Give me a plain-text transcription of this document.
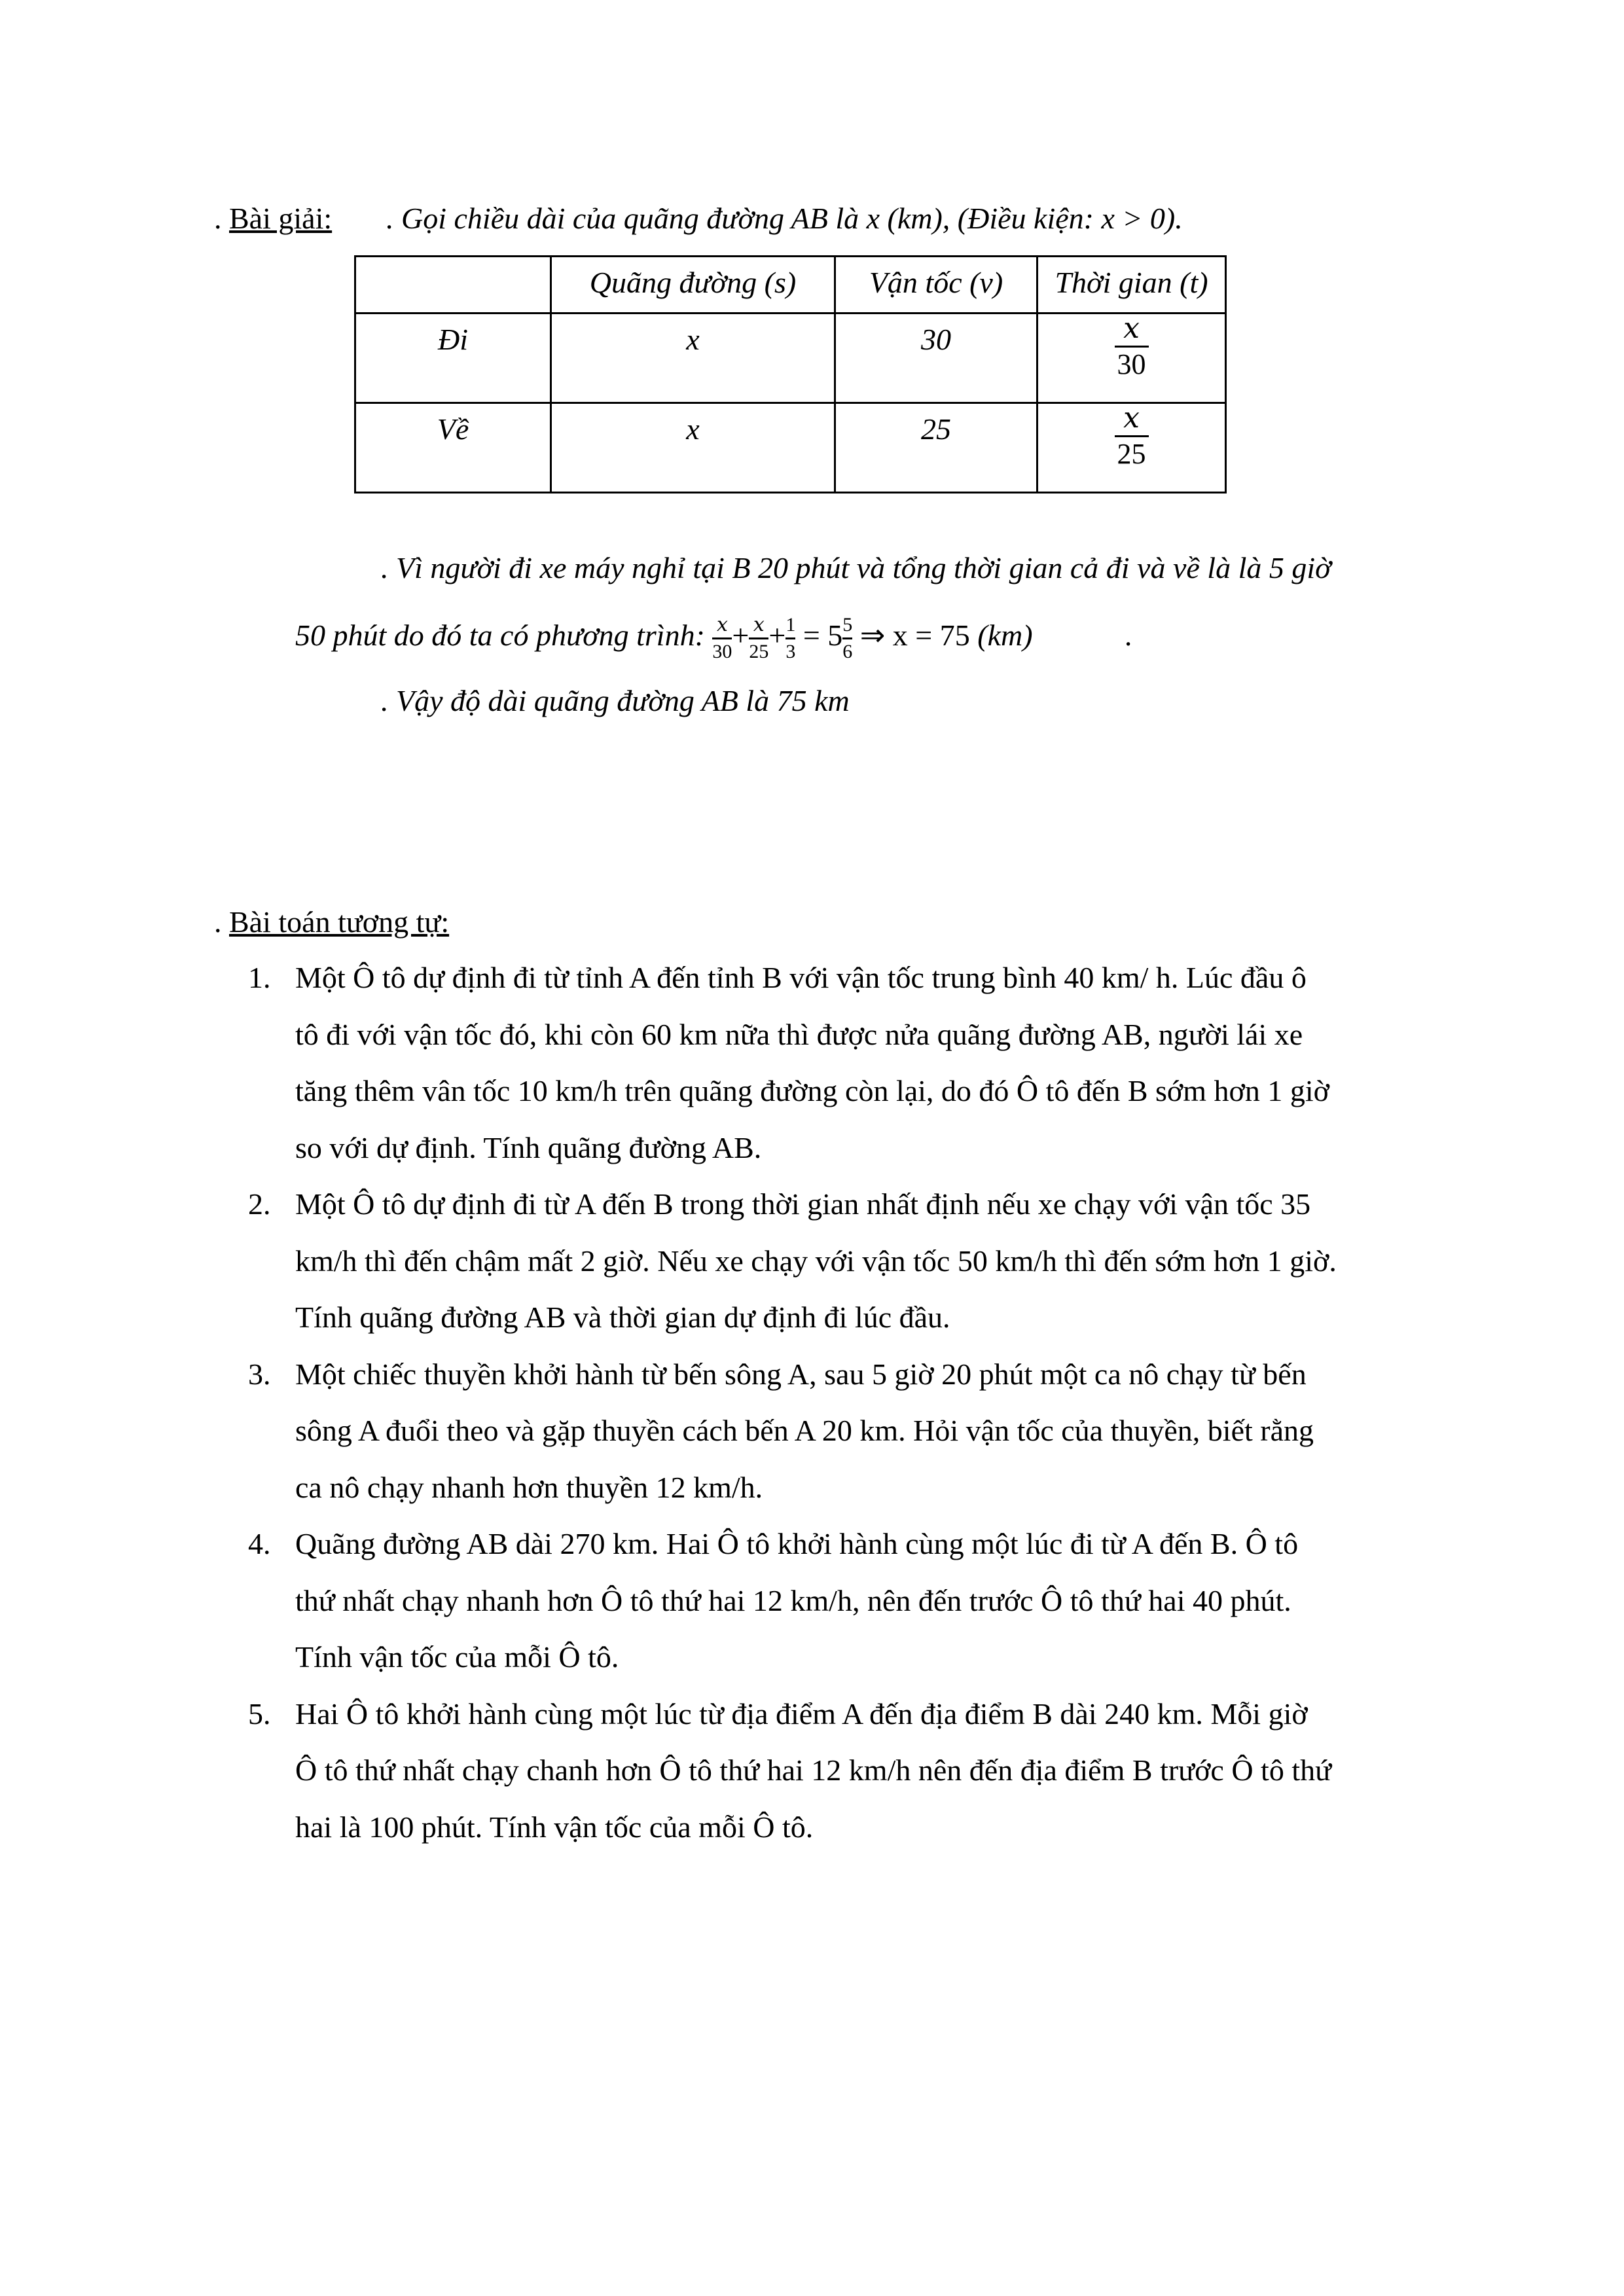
. Bài giải: . Gọi chiều dài của quãng đường AB là x (km), (Điều kiện: x > 0).
	Quãng đường (s)	Vận tốc (v)	Thời gian (t)
Đi	x	30	$\frac{x}{30}$

Về	x	25	$\frac{x}{25}$
. Vì người đi xe máy nghỉ tại B 20 phút và tổng thời gian cả đi và về là là 5 giờ
50 phút do đó ta có phương trình: $\frac{x}{30} + \frac{x}{25} + \frac{1}{3} = 5 \frac{5}{6}$ ⇒ x = 75 (km)	.
. Vậy độ dài quãng đường AB là 75 km
. Bài toán tương tự:
1. Một Ô tô dự định đi từ tỉnh A đến tỉnh B với vận tốc trung bình 40 km/ h. Lúc đầu ô
tô đi với vận tốc đó, khi còn 60 km nữa thì được nửa quãng đường AB, người lái xe
tăng thêm vân tốc 10 km/h trên quãng đường còn lại, do đó Ô tô đến B sớm hơn 1 giờ
so với dự định. Tính quãng đường AB.
2. Một Ô tô dự định đi từ A đến B trong thời gian nhất định nếu xe chạy với vận tốc 35
km/h thì đến chậm mất 2 giờ. Nếu xe chạy với vận tốc 50 km/h thì đến sớm hơn 1 giờ.
Tính quãng đường AB và thời gian dự định đi lúc đầu.
3. Một chiếc thuyền khởi hành từ bến sông A, sau 5 giờ 20 phút một ca nô chạy từ bến
sông A đuổi theo và gặp thuyền cách bến A 20 km. Hỏi vận tốc của thuyền, biết rằng
ca nô chạy nhanh hơn thuyền 12 km/h.
4. Quãng đường AB dài 270 km. Hai Ô tô khởi hành cùng một lúc đi từ A đến B. Ô tô
thứ nhất chạy nhanh hơn Ô tô thứ hai 12 km/h, nên đến trước Ô tô thứ hai 40 phút.
Tính vận tốc của mỗi Ô tô.
5. Hai Ô tô khởi hành cùng một lúc từ địa điểm A đến địa điểm B dài 240 km. Mỗi giờ
Ô tô thứ nhất chạy chanh hơn Ô tô thứ hai 12 km/h nên đến địa điểm B trước Ô tô thứ
hai là 100 phút. Tính vận tốc của mỗi Ô tô.
